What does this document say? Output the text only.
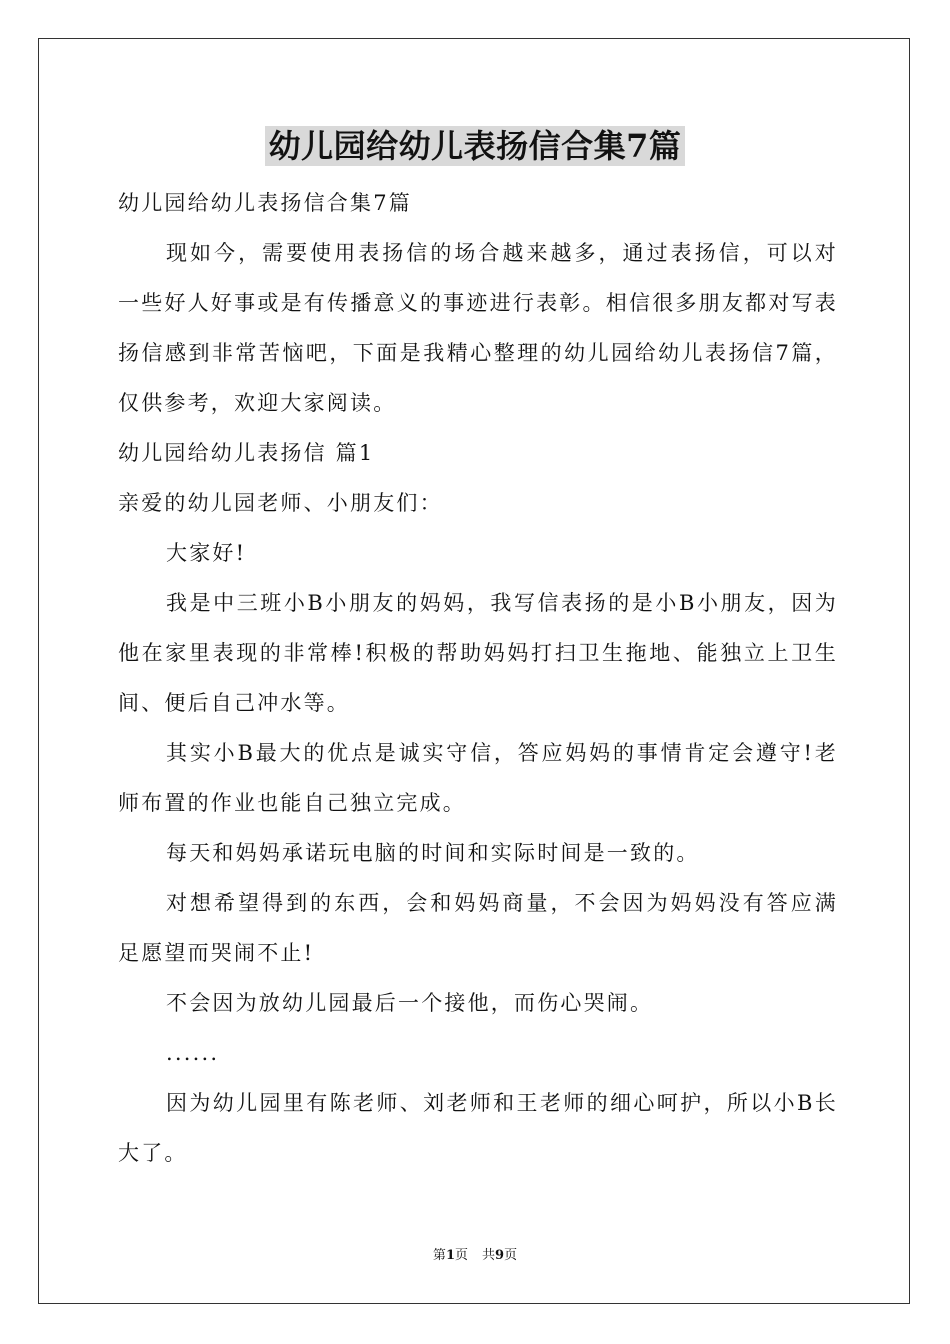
幼儿园给幼儿表扬信合集7篇

幼儿园给幼儿表扬信合集7篇

现如今，需要使用表扬信的场合越来越多，通过表扬信，可以对一些好人好事或是有传播意义的事迹进行表彰。相信很多朋友都对写表扬信感到非常苦恼吧，下面是我精心整理的幼儿园给幼儿表扬信7篇，仅供参考，欢迎大家阅读。

幼儿园给幼儿表扬信 篇1

亲爱的幼儿园老师、小朋友们：

大家好!

我是中三班小B小朋友的妈妈，我写信表扬的是小B小朋友，因为他在家里表现的非常棒!积极的帮助妈妈打扫卫生拖地、能独立上卫生间、便后自己冲水等。

其实小B最大的优点是诚实守信，答应妈妈的事情肯定会遵守!老师布置的作业也能自己独立完成。

每天和妈妈承诺玩电脑的时间和实际时间是一致的。

对想希望得到的东西，会和妈妈商量，不会因为妈妈没有答应满足愿望而哭闹不止!

不会因为放幼儿园最后一个接他，而伤心哭闹。

......

因为幼儿园里有陈老师、刘老师和王老师的细心呵护，所以小B长大了。

第1页 共9页
